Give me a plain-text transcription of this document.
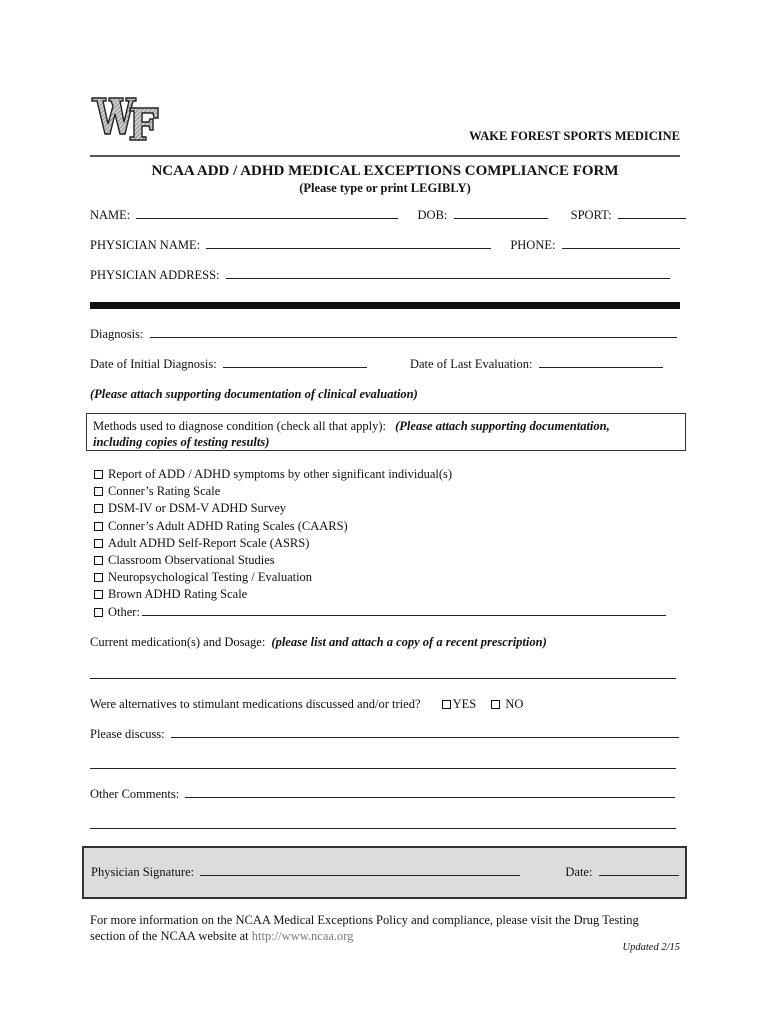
WAKE FOREST SPORTS MEDICINE
NCAA ADD / ADHD MEDICAL EXCEPTIONS COMPLIANCE FORM
(Please type or print LEGIBLY)
NAME:	DOB:	SPORT:
PHYSICIAN NAME:	PHONE:
PHYSICIAN ADDRESS:
Diagnosis:
Date of Initial Diagnosis:	Date of Last Evaluation:
(Please attach supporting documentation of clinical evaluation)
Methods used to diagnose condition (check all that apply): (Please attach supporting documentation,
including copies of testing results)
Report of ADD / ADHD symptoms by other significant individual(s)
Conner’s Rating Scale
DSM-IV or DSM-V ADHD Survey
Conner’s Adult ADHD Rating Scales (CAARS)
Adult ADHD Self-Report Scale (ASRS)
Classroom Observational Studies
Neuropsychological Testing / Evaluation
Brown ADHD Rating Scale
Other:
Current medication(s) and Dosage: (please list and attach a copy of a recent prescription)
Were alternatives to stimulant medications discussed and/or tried?	YES NO
Please discuss:
Other Comments:
Physician Signature:	Date:
For more information on the NCAA Medical Exceptions Policy and compliance, please visit the Drug Testing
section of the NCAA website at http://www.ncaa.org
Updated 2/15
